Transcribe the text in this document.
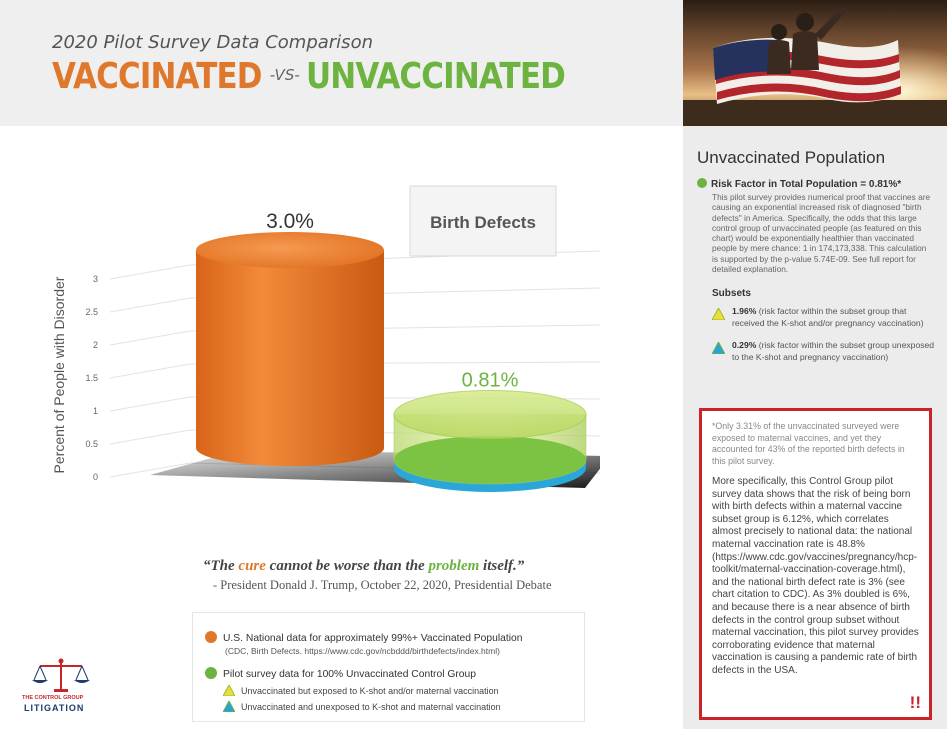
2020 Pilot Survey Data Comparison
VACCINATED -VS- UNVACCINATED
0
0.5
1
1.5
2
2.5
3
Percent of People with Disorder
Birth Defects
3.0%
0.81%
“The cure cannot be worse than the problem itself.”
- President Donald J. Trump, October 22, 2020, Presidential Debate
U.S. National data for approximately 99%+ Vaccinated Population
(CDC, Birth Defects. https://www.cdc.gov/ncbddd/birthdefects/index.html)
Pilot survey data for 100% Unvaccinated Control Group
Unvaccinated but exposed to K-shot and/or maternal vaccination
Unvaccinated and unexposed to K-shot and maternal vaccination
THE CONTROL GROUP
LITIGATION
Unvaccinated Population
Risk Factor in Total Population = 0.81%*
This pilot survey provides numerical proof that vaccines are causing an exponential increased risk of diagnosed "birth defects" in America. Specifically, the odds that this large control group of unvaccinated people (as featured on this chart) would be exponentially healthier than vaccinated people by mere chance: 1 in 174,173,338. This calculation is supported by the p-value 5.74E-09. See full report for detailed explanation.
Subsets
1.96% (risk factor within the subset group that received the K-shot and/or pregnancy vaccination)
0.29% (risk factor within the subset group unexposed to the K-shot and pregnancy vaccination)
*Only 3.31% of the unvaccinated surveyed were exposed to maternal vaccines, and yet they accounted for 43% of the reported birth defects in this pilot survey.
More specifically, this Control Group pilot survey data shows that the risk of being born with birth defects within a maternal vaccine subset group is 6.12%, which correlates almost precisely to national data: the national maternal vaccination rate is 48.8% (https://www.cdc.gov/vaccines/pregnancy/hcp-toolkit/maternal-vaccination-coverage.html), and the national birth defect rate is 3% (see chart citation to CDC). As 3% doubled is 6%, and because there is a near absence of birth defects in the control group subset without maternal vaccination, this pilot survey provides corroborating evidence that maternal vaccination is causing a pandemic rate of birth defects in the USA.
!!
